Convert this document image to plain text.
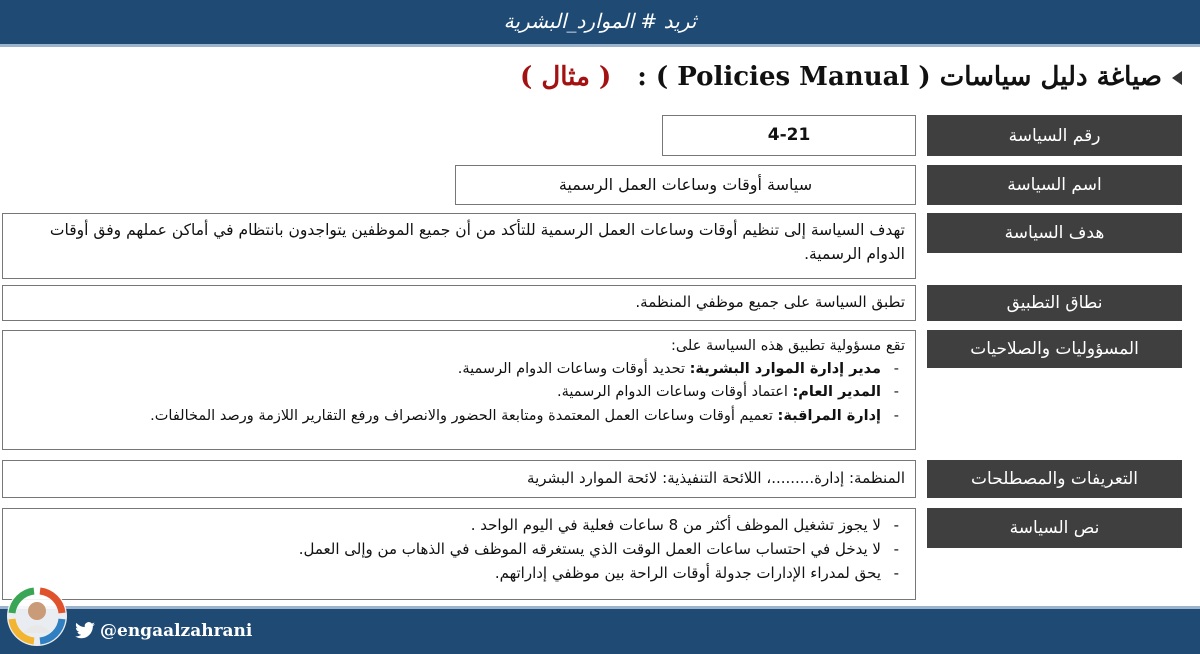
ثريد # الموارد_البشرية
صياغة دليل سياسات ( Policies Manual ) :( مثال )
رقم السياسة
4-21
اسم السياسة
سياسة أوقات وساعات العمل الرسمية
هدف السياسة

تهدف السياسة إلى تنظيم أوقات وساعات العمل الرسمية للتأكد من أن جميع الموظفين يتواجدون بانتظام في أماكن عملهم وفق أوقات الدوام الرسمية.

نطاق التطبيق

تطبق السياسة على جميع موظفي المنظمة.

المسؤوليات والصلاحيات

تقع مسؤولية تطبيق هذه السياسة على:

- مدير إدارة الموارد البشرية: تحديد أوقات وساعات الدوام الرسمية.
- المدير العام: اعتماد أوقات وساعات الدوام الرسمية.
- إدارة المراقبة: تعميم أوقات وساعات العمل المعتمدة ومتابعة الحضور والانصراف ورفع التقارير اللازمة ورصد المخالفات.
التعريفات والمصطلحات

المنظمة: إدارة.........، اللائحة التنفيذية: لائحة الموارد البشرية

نص السياسة
- لا يجوز تشغيل الموظف أكثر من 8 ساعات فعلية في اليوم الواحد .
- لا يدخل في احتساب ساعات العمل الوقت الذي يستغرقه الموظف في الذهاب من وإلى العمل.
- يحق لمدراء الإدارات جدولة أوقات الراحة بين موظفي إداراتهم.
@engaalzahrani
